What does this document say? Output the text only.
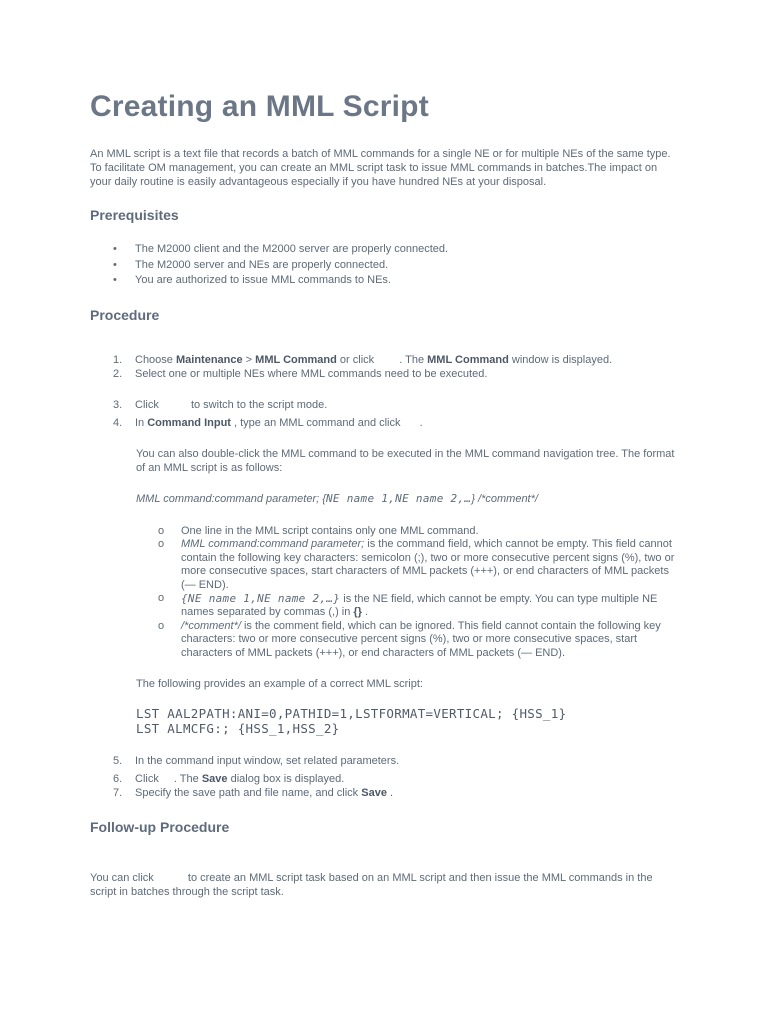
Creating an MML Script

An MML script is a text file that records a batch of MML commands for a single NE or for multiple NEs of the same type. To facilitate OM management, you can create an MML script task to issue MML commands in batches.The impact on your daily routine is easily advantageous especially if you have hundred NEs at your disposal.

Prerequisites
• The M2000 client and the M2000 server are properly connected.
• The M2000 server and NEs are properly connected.
• You are authorized to issue MML commands to NEs.
Procedure
1. Choose Maintenance > MML Command or click . The MML Command window is displayed.
2. Select one or multiple NEs where MML commands need to be executed.
3. Click  to switch to the script mode.
4. In Command Input , type an MML command and click .
You can also double-click the MML command to be executed in the MML command navigation tree. The format of an MML script is as follows:
MML command:command parameter; {NE name 1,NE name 2,…} /*comment*/
o One line in the MML script contains only one MML command.
o MML command:command parameter; is the command field, which cannot be empty. This field cannot contain the following key characters: semicolon (;), two or more consecutive percent signs (%), two or more consecutive spaces, start characters of MML packets (+++), or end characters of MML packets (— END).
o {NE name 1,NE name 2,…} is the NE field, which cannot be empty. You can type multiple NE names separated by commas (,) in {} .
o /*comment*/ is the comment field, which can be ignored. This field cannot contain the following key characters: two or more consecutive percent signs (%), two or more consecutive spaces, start characters of MML packets (+++), or end characters of MML packets (— END).
The following provides an example of a correct MML script:
LST AAL2PATH:ANI=0,PATHID=1,LSTFORMAT=VERTICAL; {HSS_1}
LST ALMCFG:; {HSS_1,HSS_2}
5. In the command input window, set related parameters.
6. Click . The Save dialog box is displayed.
7. Specify the save path and file name, and click Save .
Follow-up Procedure

You can click	to create an MML script task based on an MML script and then issue the MML commands in the script in batches through the script task.
